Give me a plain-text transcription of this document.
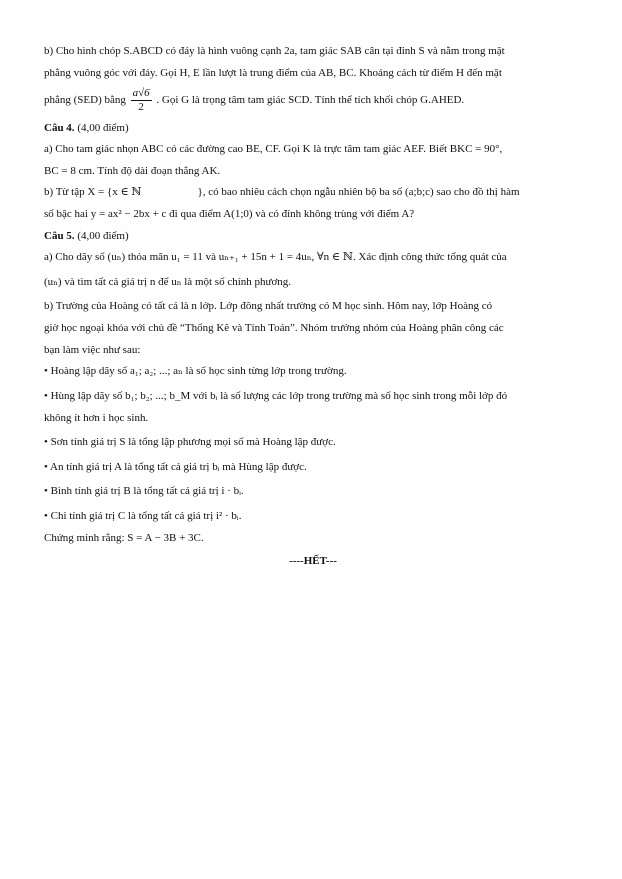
b) Cho hình chóp S.ABCD có đáy là hình vuông cạnh 2a, tam giác SAB cân tại đỉnh S và nằm trong mặt
phẳng vuông góc với đáy. Gọi H, E lần lượt là trung điểm của AB, BC. Khoảng cách từ điểm H đến mặt
phẳng (SED) bằng $\frac{a√6}{2}$ . Gọi G là trọng tâm tam giác SCD. Tính thể tích khối chóp G.AHED.
Câu 4. (4,00 điểm)
a) Cho tam giác nhọn ABC có các đường cao BE, CF. Gọi K là trực tâm tam giác AEF. Biết BKC = 90°,
BC = 8 cm. Tính độ dài đoạn thẳng AK.
b) Từ tập X = {x ∈ ℕ	}, có bao nhiêu cách chọn ngẫu nhiên bộ ba số (a;b;c) sao cho đồ thị hàm
số bậc hai y = ax² − 2bx + c đi qua điểm A(1;0) và có đỉnh không trùng với điểm A?
Câu 5. (4,00 điểm)
a) Cho dãy số (uₙ) thỏa mãn u₁ = 11 và uₙ₊₁ + 15n + 1 = 4uₙ, ∀n ∈ ℕ. Xác định công thức tổng quát của
(uₙ) và tìm tất cả giá trị n để uₙ là một số chính phương.
b) Trường của Hoàng có tất cả là n lớp. Lớp đông nhất trường có M học sinh. Hôm nay, lớp Hoàng có
giờ học ngoại khóa với chủ đề “Thống Kê và Tính Toán”. Nhóm trưởng nhóm của Hoàng phân công các
bạn làm việc như sau:
• Hoàng lập dãy số a₁; a₂; ...; aₙ là số học sinh từng lớp trong trường.
• Hùng lập dãy số b₁; b₂; ...; b_M với bᵢ là số lượng các lớp trong trường mà số học sinh trong mỗi lớp đó
không ít hơn i học sinh.
• Sơn tính giá trị S là tổng lập phương mọi số mà Hoàng lập được.
• An tính giá trị A là tổng tất cả giá trị bᵢ mà Hùng lập được.
• Bình tính giá trị B là tổng tất cả giá trị i · bᵢ.
• Chi tính giá trị C là tổng tất cả giá trị i² · bᵢ.
Chứng minh rằng: S = A − 3B + 3C.
----HẾT---
